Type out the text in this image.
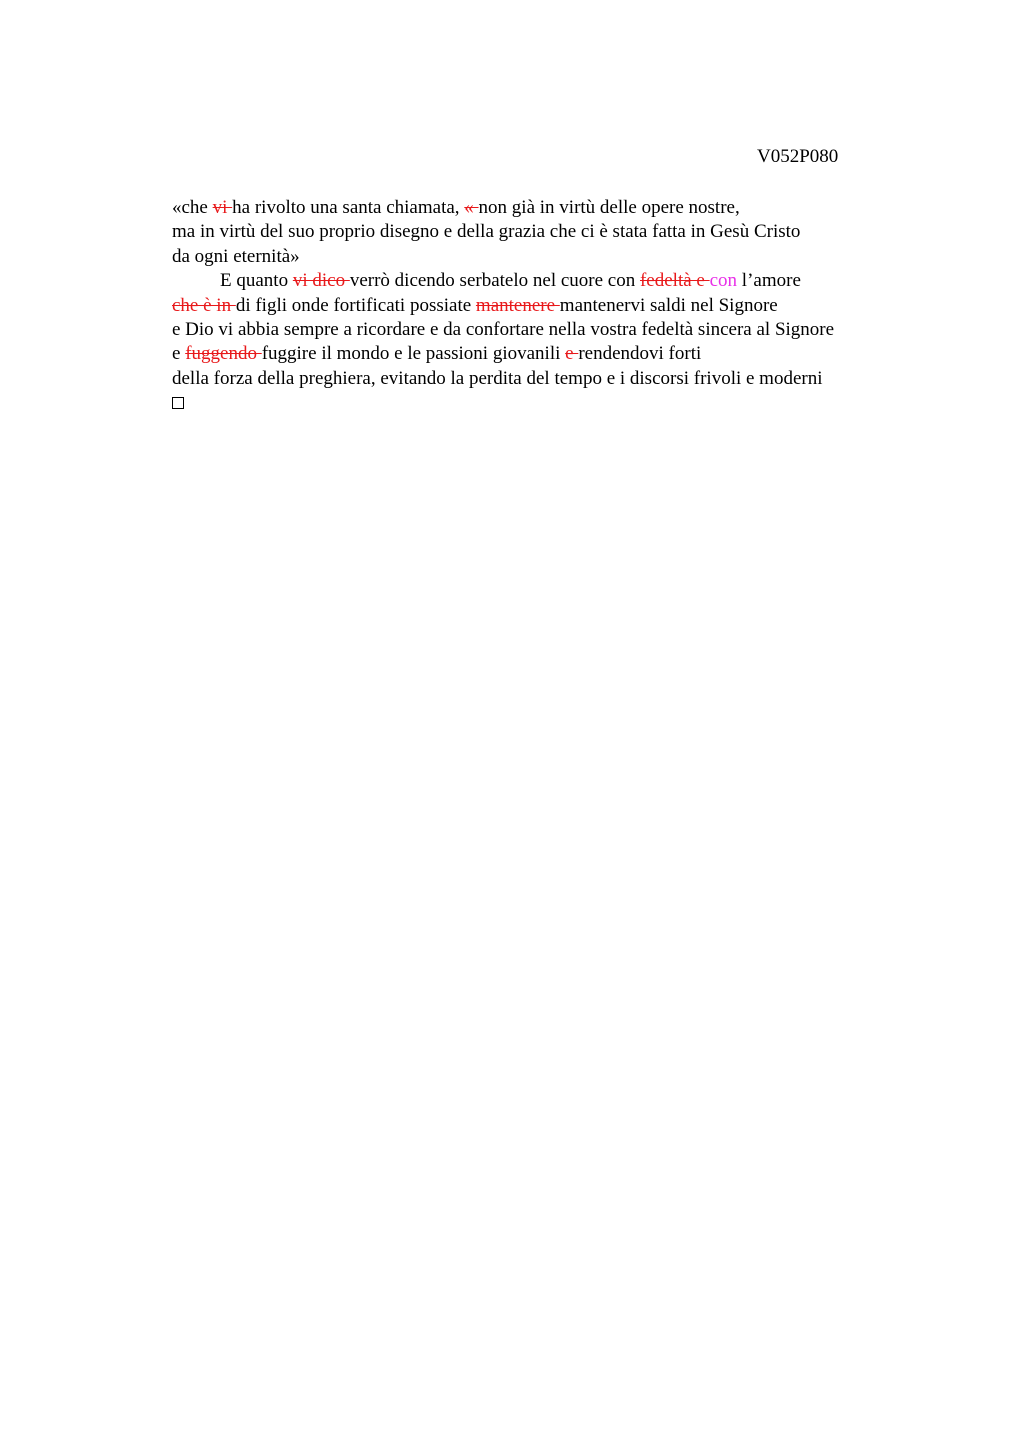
V052P080
«che vi ha rivolto una santa chiamata, « non già in virtù delle opere nostre,
ma in virtù del suo proprio disegno e della grazia che ci è stata fatta in Gesù Cristo
da ogni eternità»
E quanto vi dico verrò dicendo serbatelo nel cuore con fedeltà e con l’amore
che è in di figli onde fortificati possiate mantenere mantenervi saldi nel Signore
e Dio vi abbia sempre a ricordare e da confortare nella vostra fedeltà sincera al Signore
e fuggendo fuggire il mondo e le passioni giovanili e rendendovi forti
della forza della preghiera, evitando la perdita del tempo e i discorsi frivoli e moderni
